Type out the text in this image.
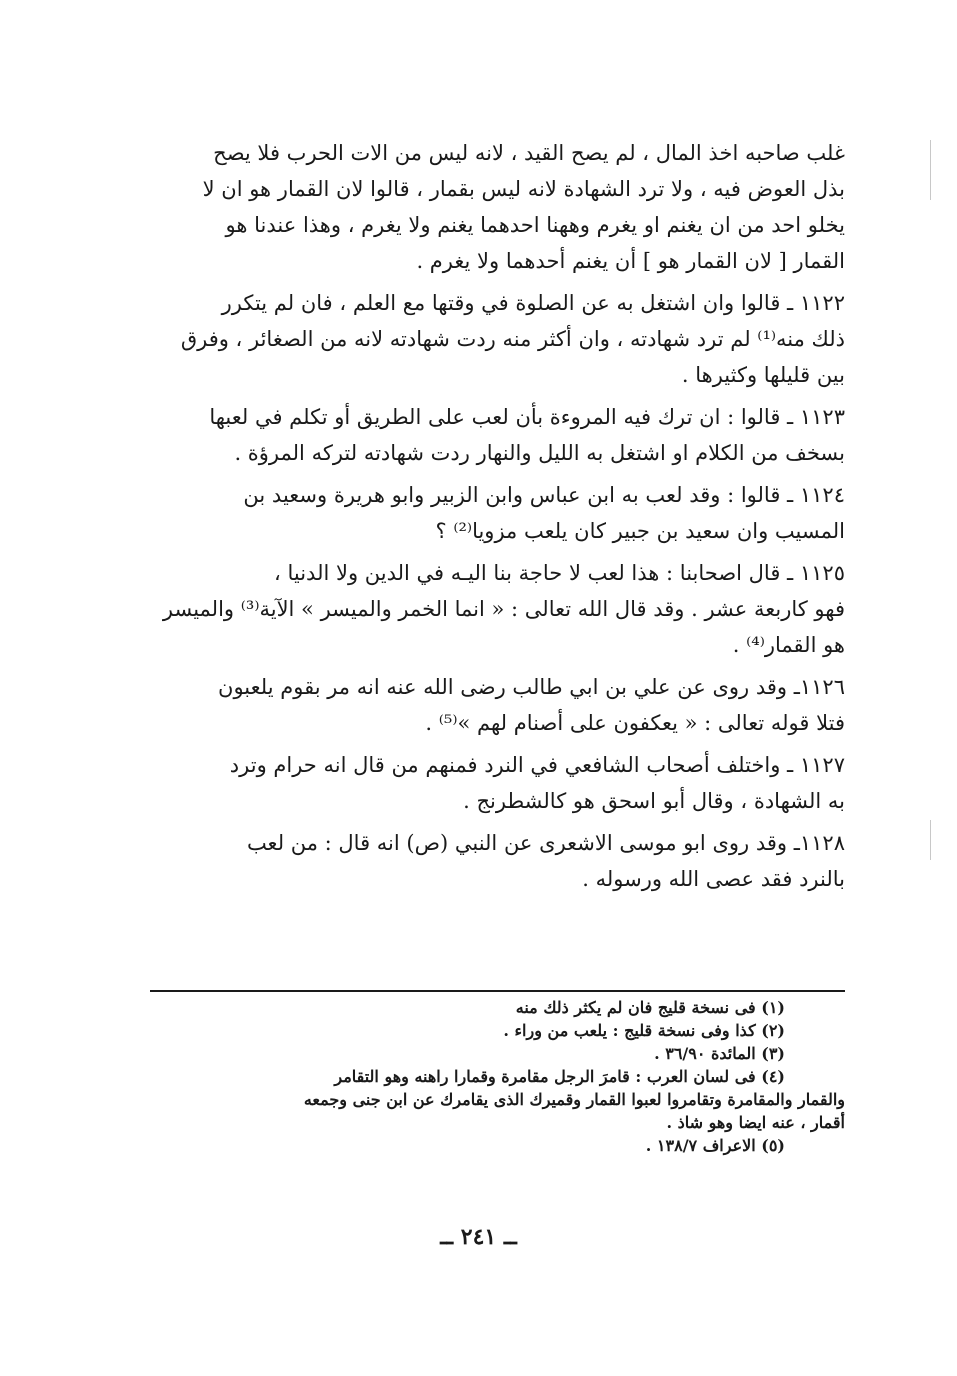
غلب صاحبه اخذ المال ، لم يصح القيد ، لانه ليس من الات الحرب فلا يصح
بذل العوض فيه ، ولا ترد الشهادة لانه ليس بقمار ، قالوا لان القمار هو ان لا
يخلو احد من ان يغنم او يغرم وههنا احدهما يغنم ولا يغرم ، وهذا عندنا هو
القمار [ لان القمار هو ] أن يغنم أحدهما ولا يغرم .
١١٢٢ ـ قالوا وان اشتغل به عن الصلوة في وقتها مع العلم ، فان لم يتكرر
ذلك منه⁽¹⁾ لم ترد شهادته ، وان أكثر منه ردت شهادته لانه من الصغائر ، وفرق
بين قليلها وكثيرها .
١١٢٣ ـ قالوا : ان ترك فيه المروءة بأن لعب على الطريق أو تكلم في لعبها
بسخف من الكلام او اشتغل به الليل والنهار ردت شهادته لتركه المرؤة .
١١٢٤ ـ قالوا : وقد لعب به ابن عباس وابن الزبير وابو هريرة وسعيد بن
المسيب وان سعيد بن جبير كان يلعب مزويا⁽²⁾ ؟
١١٢٥ ـ قال اصحابنا : هذا لعب لا حاجة بنا اليـه في الدين ولا الدنيا ،
فهو كاربعة عشر . وقد قال الله تعالى : « انما الخمر والميسر » الآية⁽³⁾ والميسر
هو القمار⁽⁴⁾ .
١١٢٦ـ وقد روى عن علي بن ابي طالب رضى الله عنه انه مر بقوم يلعبون
فتلا قوله تعالى : « يعكفون على أصنام لهم »⁽⁵⁾ .
١١٢٧ ـ واختلف أصحاب الشافعي في النرد فمنهم من قال انه حرام وترد
به الشهادة ، وقال أبو اسحق هو كالشطرنج .
١١٢٨ـ وقد روى ابو موسى الاشعرى عن النبي (ص) انه قال : من لعب
بالنرد فقد عصى الله ورسوله .
(١) فى نسخة قليج فان لم يكثر ذلك منه
(٢) كذا وفى نسخة قليج : يلعب من وراء .
(٣) المائدة ٣٦/٩٠ .
(٤) فى لسان العرب : قامرَ الرجل مقامرة وقمارا راهنه وهو التقامر
والقمار والمقامرة وتقامروا لعبوا القمار وقميرك الذى يقامرك عن ابن جنى وجمعه
أقمار ، عنه ايضا وهو شاذ .
(٥) الاعراف ١٣٨/٧ .
ــ ٢٤١ ــ
